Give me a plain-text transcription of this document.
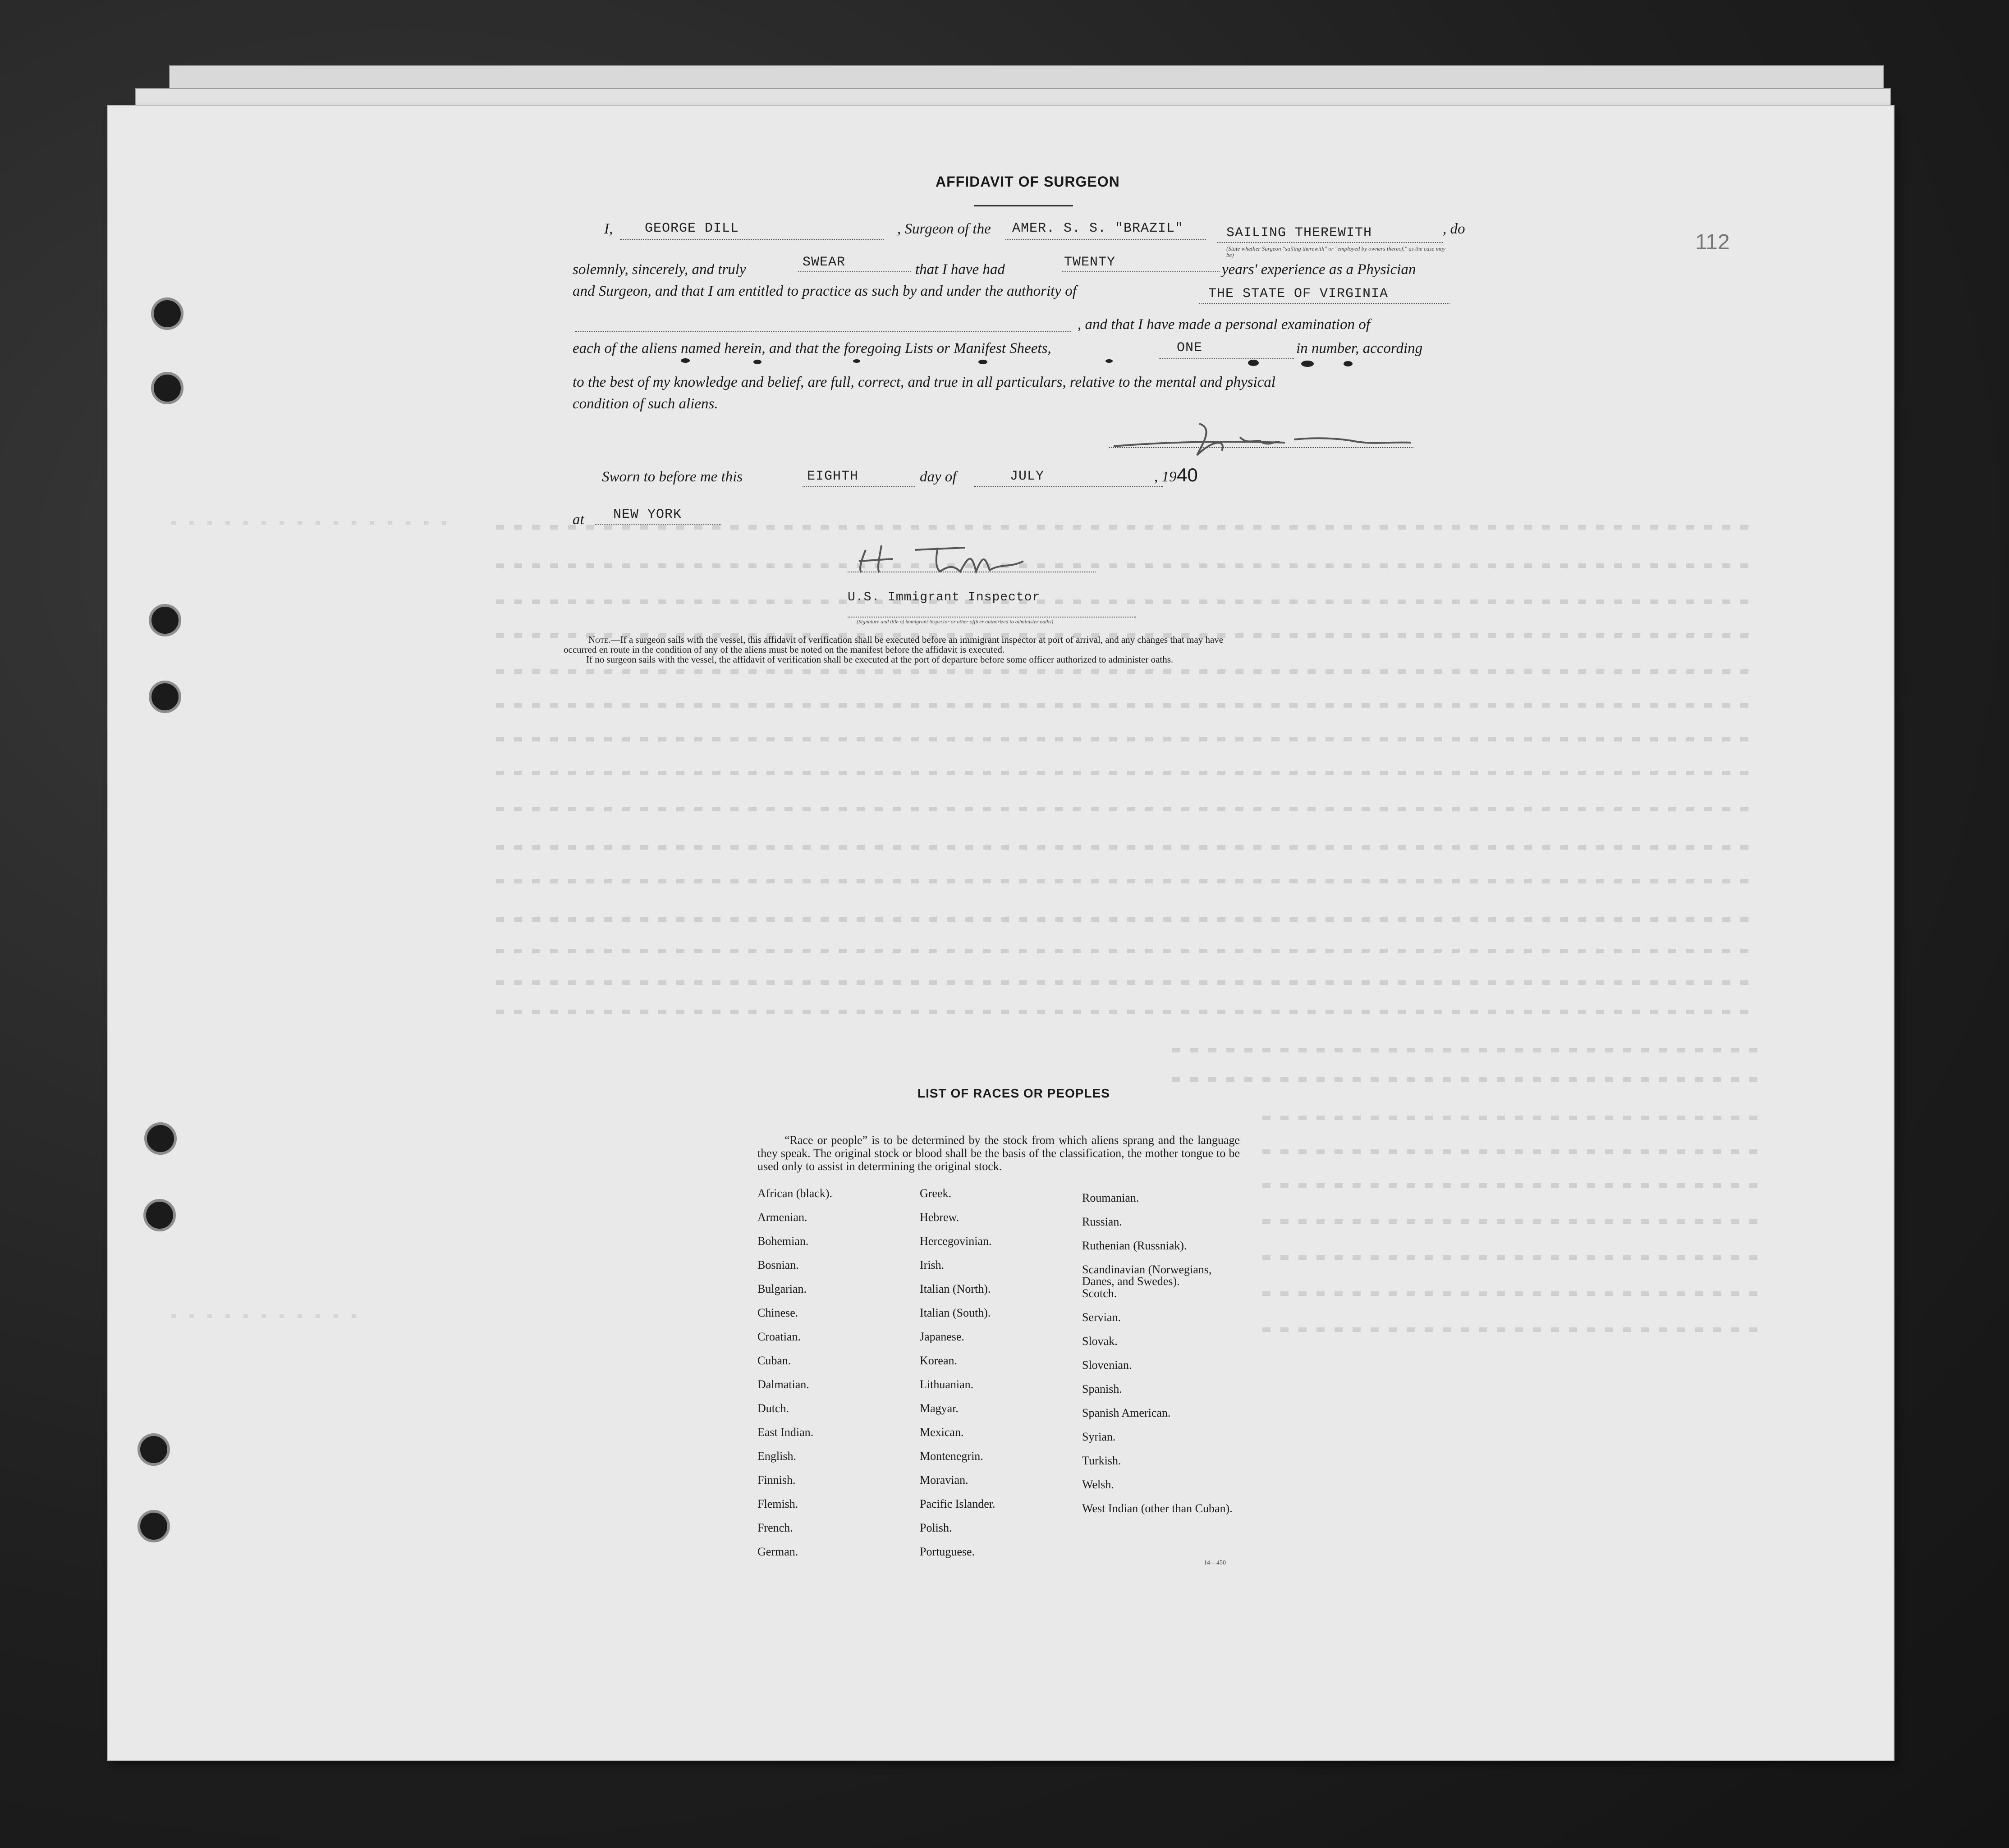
112
AFFIDAVIT OF SURGEON
I,	, Surgeon of the	, do
GEORGE DILL	AMER. S. S. "BRAZIL"	SAILING THEREWITH
(State whether Surgeon "sailing therewith" or "employed by owners thereof," as the case may be)
solemnly, sincerely, and truly	that I have had	years' experience as a Physician
SWEAR	TWENTY
and Surgeon, and that I am entitled to practice as such by and under the authority of	THE STATE OF VIRGINIA
, and that I have made a personal examination of
each of the aliens named herein, and that the foregoing Lists or Manifest Sheets,	in number, according
ONE
to the best of my knowledge and belief, are full, correct, and true in all particulars, relative to the mental and physical
condition of such aliens.
Sworn to before me this	day of	, 19
EIGHTH	JULY	40
at NEW YORK
U.S. Immigrant Inspector
(Signature and title of immigrant inspector or other officer authorized to administer oaths)
Note.—If a surgeon sails with the vessel, this affidavit of verification shall be executed before an immigrant inspector at port of arrival, and any changes that may have
occurred en route in the condition of any of the aliens must be noted on the manifest before the affidavit is executed.
If no surgeon sails with the vessel, the affidavit of verification shall be executed at the port of departure before some officer authorized to administer oaths.
LIST OF RACES OR PEOPLES
“Race or people” is to be determined by the stock from which aliens sprang and the language they speak. The original stock or blood shall be the basis of the classification, the mother tongue to be used only to assist in determining the original stock.
African (black).
Armenian.
Bohemian.
Bosnian.
Bulgarian.
Chinese.
Croatian.
Cuban.
Dalmatian.
Dutch.
East Indian.
English.
Finnish.
Flemish.
French.
German.
Greek.
Hebrew.
Hercegovinian.
Irish.
Italian (North).
Italian (South).
Japanese.
Korean.
Lithuanian.
Magyar.
Mexican.
Montenegrin.
Moravian.
Pacific Islander.
Polish.
Portuguese.
Roumanian.
Russian.
Ruthenian (Russniak).
Scandinavian (Norwegians, Danes, and Swedes).
Scotch.
Servian.
Slovak.
Slovenian.
Spanish.
Spanish American.
Syrian.
Turkish.
Welsh.
West Indian (other than Cuban).
14—450
